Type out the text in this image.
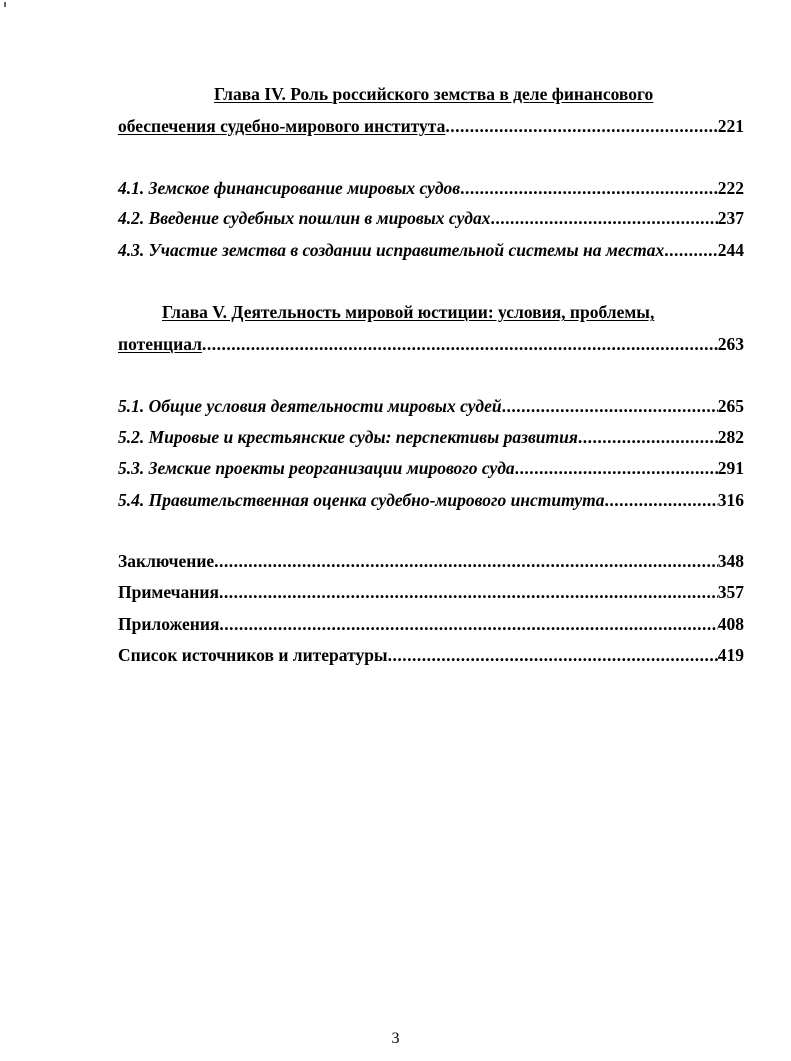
Глава IV. Роль российского земства в деле финансового
обеспечения судебно-мирового института .....	221
4.1. Земское финансирование мировых судов .....	222
4.2. Введение судебных пошлин в мировых судах .....	237
4.3. Участие земства в создании исправительной системы на местах .....	244
Глава V. Деятельность мировой юстиции: условия, проблемы,
потенциал .....	263
5.1. Общие условия деятельности мировых судей .....	265
5.2. Мировые и крестьянские суды: перспективы развития .....	282
5.3. Земские проекты реорганизации мирового суда .....	291
5.4. Правительственная оценка судебно-мирового института .....	316
Заключение .....	348
Примечания .....	357
Приложения .....	408
Список источников и литературы .....	419
3
